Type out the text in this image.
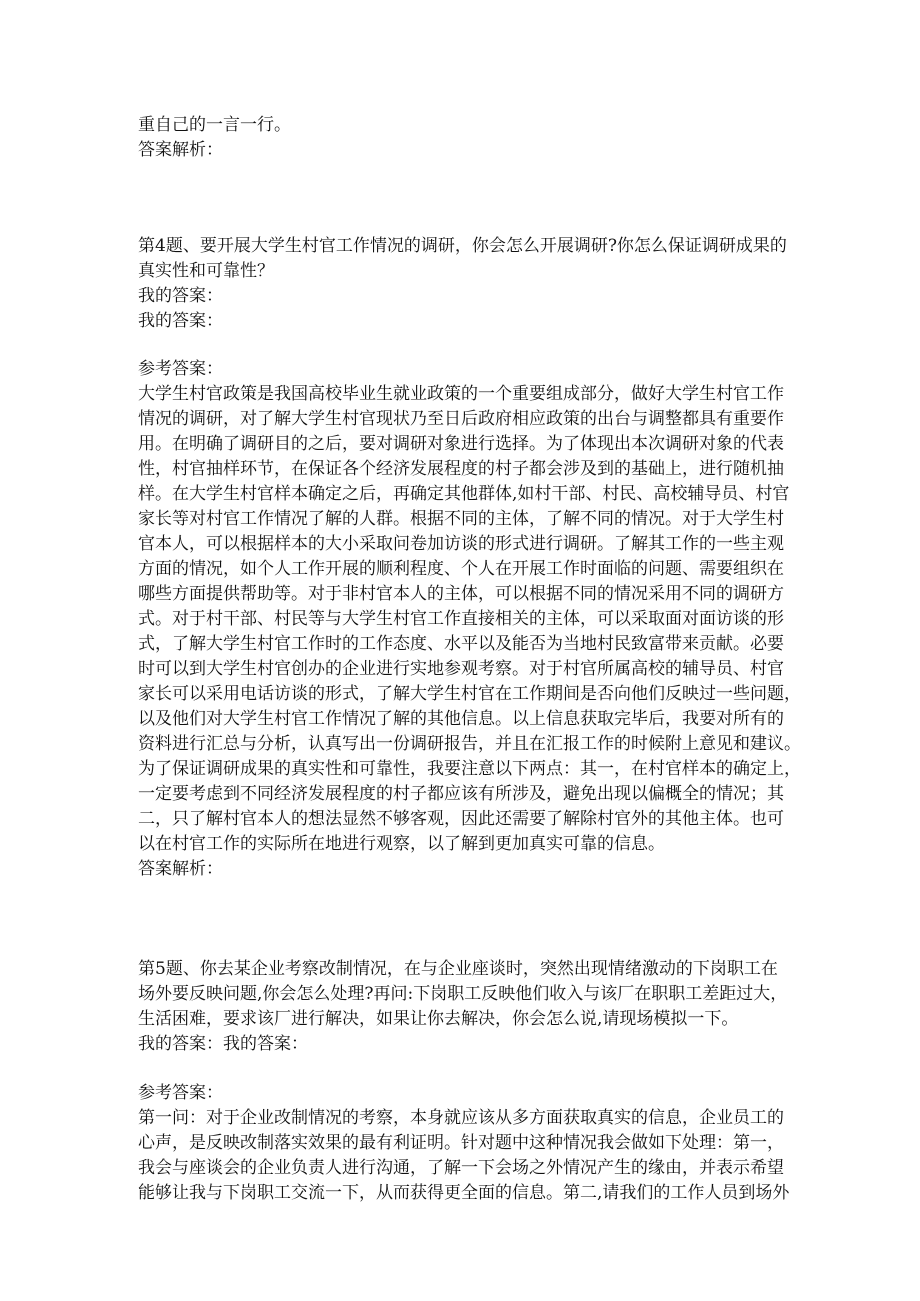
重自己的一言一行。
答案解析：
第4题、要开展大学生村官工作情况的调研，你会怎么开展调研?你怎么保证调研成果的
真实性和可靠性？
我的答案：
我的答案：
参考答案：
大学生村官政策是我国高校毕业生就业政策的一个重要组成部分，做好大学生村官工作
情况的调研，对了解大学生村官现状乃至日后政府相应政策的出台与调整都具有重要作
用。在明确了调研目的之后，要对调研对象进行选择。为了体现出本次调研对象的代表
性，村官抽样环节，在保证各个经济发展程度的村子都会涉及到的基础上，进行随机抽
样。在大学生村官样本确定之后，再确定其他群体,如村干部、村民、高校辅导员、村官
家长等对村官工作情况了解的人群。根据不同的主体，了解不同的情况。对于大学生村
官本人，可以根据样本的大小采取问卷加访谈的形式进行调研。了解其工作的一些主观
方面的情况，如个人工作开展的顺利程度、个人在开展工作时面临的问题、需要组织在
哪些方面提供帮助等。对于非村官本人的主体，可以根据不同的情况采用不同的调研方
式。对于村干部、村民等与大学生村官工作直接相关的主体，可以采取面对面访谈的形
式，了解大学生村官工作时的工作态度、水平以及能否为当地村民致富带来贡献。必要
时可以到大学生村官创办的企业进行实地参观考察。对于村官所属高校的辅导员、村官
家长可以采用电话访谈的形式，了解大学生村官在工作期间是否向他们反映过一些问题，
以及他们对大学生村官工作情况了解的其他信息。以上信息获取完毕后，我要对所有的
资料进行汇总与分析，认真写出一份调研报告，并且在汇报工作的时候附上意见和建议。
为了保证调研成果的真实性和可靠性，我要注意以下两点：其一，在村官样本的确定上，
一定要考虑到不同经济发展程度的村子都应该有所涉及，避免出现以偏概全的情况；其
二，只了解村官本人的想法显然不够客观，因此还需要了解除村官外的其他主体。也可
以在村官工作的实际所在地进行观察，以了解到更加真实可靠的信息。
答案解析：
第5题、你去某企业考察改制情况，在与企业座谈时，突然出现情绪激动的下岗职工在
场外要反映问题,你会怎么处理?再问:下岗职工反映他们收入与该厂在职职工差距过大，
生活困难，要求该厂进行解决，如果让你去解决，你会怎么说,请现场模拟一下。
我的答案：我的答案：
参考答案：
第一问：对于企业改制情况的考察，本身就应该从多方面获取真实的信息，企业员工的
心声，是反映改制落实效果的最有利证明。针对题中这种情况我会做如下处理：第一，
我会与座谈会的企业负责人进行沟通，了解一下会场之外情况产生的缘由，并表示希望
能够让我与下岗职工交流一下，从而获得更全面的信息。第二,请我们的工作人员到场外
